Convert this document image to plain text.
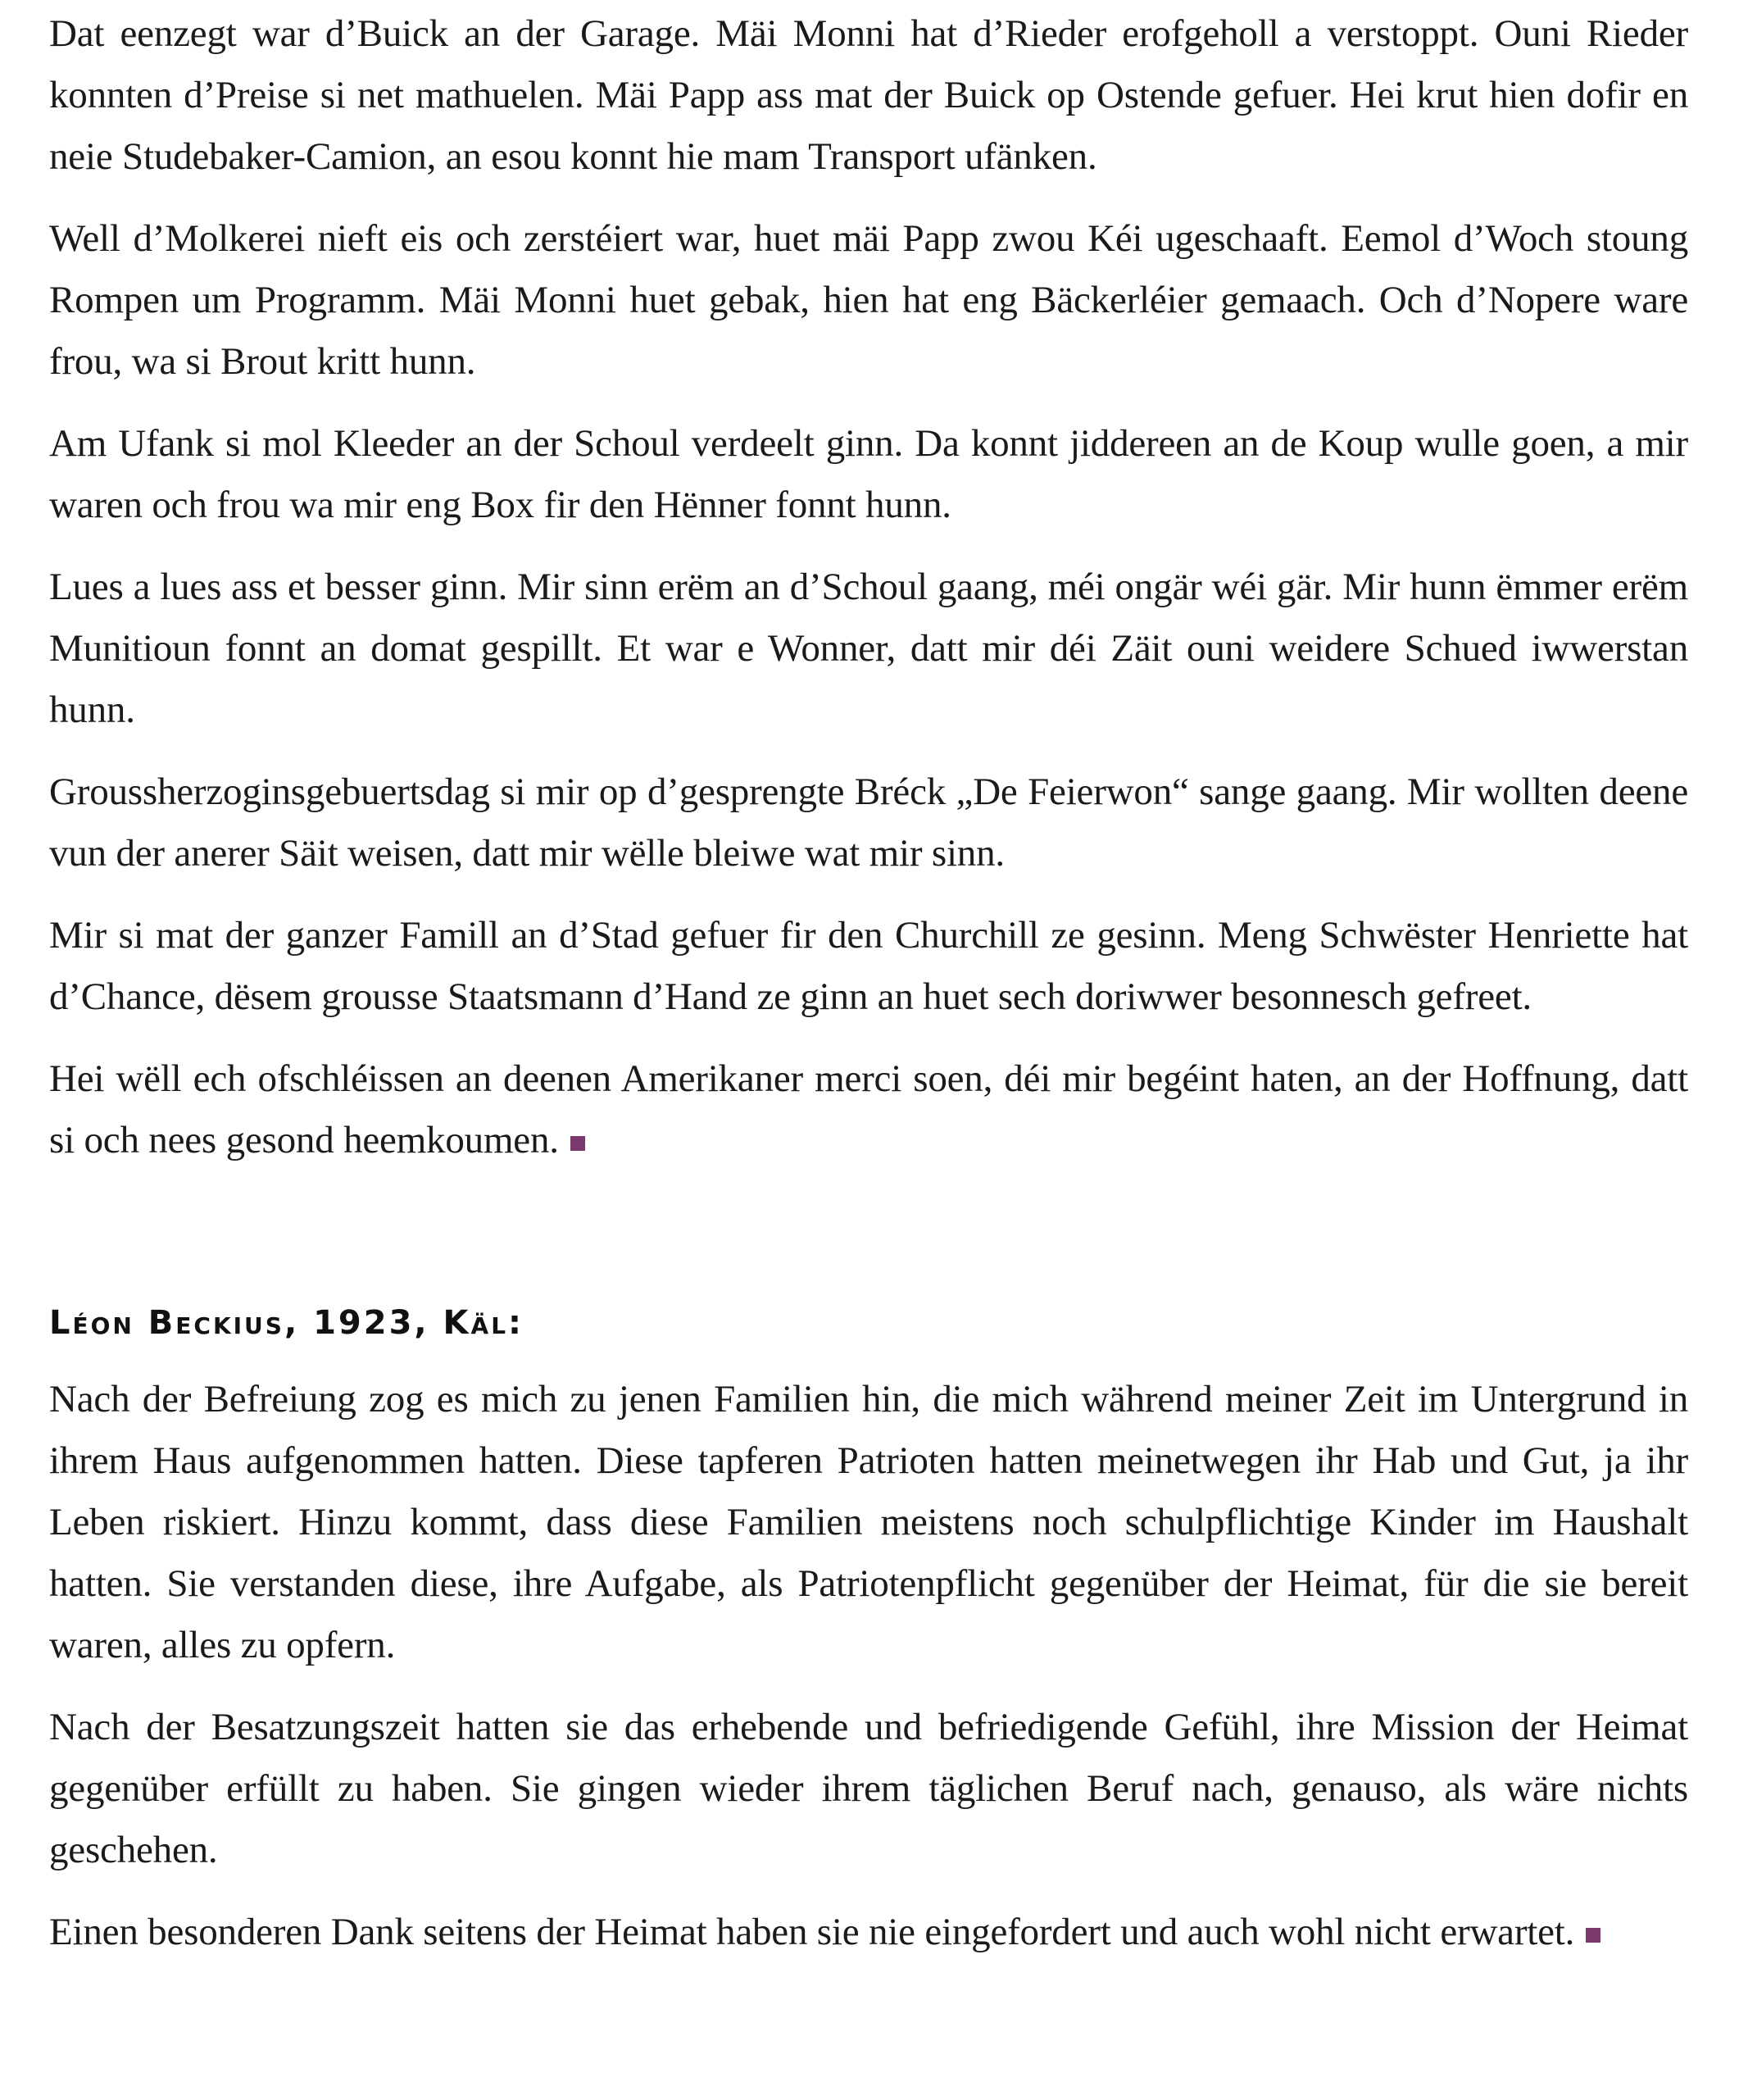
Dat eenzegt war d’Buick an der Garage. Mäi Monni hat d’Rieder erofgeholl a verstoppt. Ouni Rieder konnten d’Preise si net mathuelen. Mäi Papp ass mat der Buick op Ostende gefuer. Hei krut hien dofir en neie Studebaker-Camion, an esou konnt hie mam Transport ufänken.

Well d’Molkerei nieft eis och zerstéiert war, huet mäi Papp zwou Kéi ugeschaaft. Eemol d’Woch stoung Rompen um Programm. Mäi Monni huet gebak, hien hat eng Bäckerléier gemaach. Och d’Nopere ware frou, wa si Brout kritt hunn.

Am Ufank si mol Kleeder an der Schoul verdeelt ginn. Da konnt jiddereen an de Koup wulle goen, a mir waren och frou wa mir eng Box fir den Hënner fonnt hunn.

Lues a lues ass et besser ginn. Mir sinn erëm an d’Schoul gaang, méi ongär wéi gär. Mir hunn ëmmer erëm Munitioun fonnt an domat gespillt. Et war e Wonner, datt mir déi Zäit ouni weidere Schued iwwerstan hunn.

Groussherzoginsgebuertsdag si mir op d’gesprengte Bréck „De Feierwon“ sange gaang. Mir wollten deene vun der anerer Säit weisen, datt mir wëlle bleiwe wat mir sinn.

Mir si mat der ganzer Famill an d’Stad gefuer fir den Churchill ze gesinn. Meng Schwëster Henriette hat d’Chance, dësem grousse Staatsmann d’Hand ze ginn an huet sech doriwwer besonnesch gefreet.

Hei wëll ech ofschléissen an deenen Amerikaner merci soen, déi mir begéint haten, an der Hoffnung, datt si och nees gesond heemkoumen.

Léon Beckius, 1923, Käl:

Nach der Befreiung zog es mich zu jenen Familien hin, die mich während meiner Zeit im Untergrund in ihrem Haus aufgenommen hatten. Diese tapferen Patrioten hatten meinetwegen ihr Hab und Gut, ja ihr Leben riskiert. Hinzu kommt, dass diese Familien meistens noch schulpflichtige Kinder im Haushalt hatten. Sie verstanden diese, ihre Aufgabe, als Patriotenpflicht gegenüber der Heimat, für die sie bereit waren, alles zu opfern.

Nach der Besatzungszeit hatten sie das erhebende und befriedigende Gefühl, ihre Mission der Heimat gegenüber erfüllt zu haben. Sie gingen wieder ihrem täglichen Beruf nach, genauso, als wäre nichts geschehen.

Einen besonderen Dank seitens der Heimat haben sie nie eingefordert und auch wohl nicht erwartet.
